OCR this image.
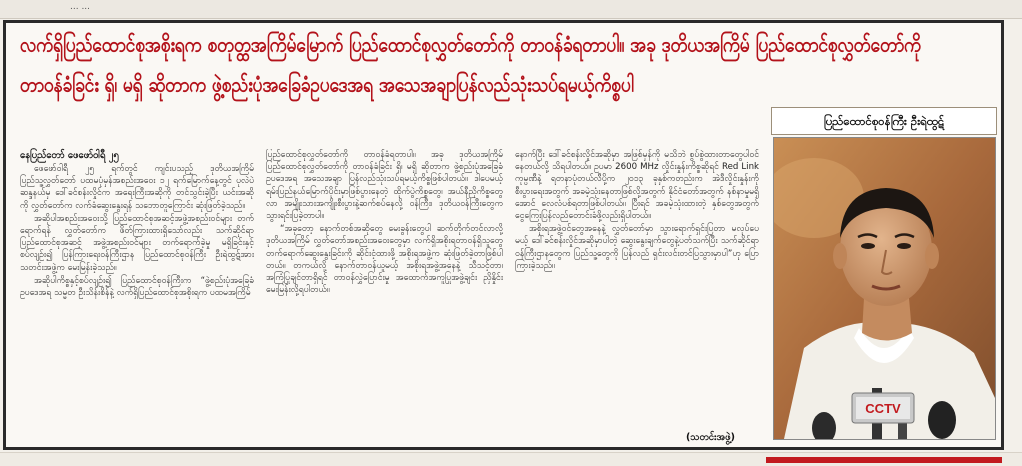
... ...
လက်ရှိပြည်ထောင်စုအစိုးရက စတုတ္ထအကြိမ်မြောက် ပြည်ထောင်စုလွှတ်တော်ကို တာဝန်ခံရတာပါ။ အခု ဒုတိယအကြိမ် ပြည်ထောင်စုလွှတ်တော်ကို
တာဝန်ခံခြင်း ရှိ၊ မရှိ ဆိုတာက ဖွဲ့စည်းပုံအခြေခံဥပဒေအရ အသေအချာပြန်လည်သုံးသပ်ရမယ့်ကိစ္စပါ
နေပြည်တော် ဖေဖော်ဝါရီ ၂၅

ဖေဖော်ဝါရီ ၂၅ ရက်တွင် ကျင်းပသည့် ဒုတိယအကြိမ် ပြည်သူ့လွှတ်တော် ပထမပုံမှန်အစည်းအဝေး ၁၂ ရက်မြောက်နေ့တွင် ပုလဲပဲဆန္ဒနယ်မှ ဒေါ်ခင်စန်းလှိုင်က အရေးကြီးအဆိုကို တင်သွင်းခဲ့ပြီး ယင်းအဆိုကို လွှတ်တော်က လက်ခံဆွေးနွေးရန် သဘောတူကြောင်း ဆုံးဖြတ်ခဲ့သည်။

အဆိုပါအစည်းအဝေးသို့ ပြည်ထောင်စုအဆင့်အဖွဲ့အစည်းဝင်များ တက်ရောက်ရန် လွှတ်တော်က ဖိတ်ကြားထားရှိသော်လည်း သက်ဆိုင်ရာပြည်ထောင်စုအဆင့် အဖွဲ့အစည်းဝင်များ တက်ရောက်ခဲ့မှု မရှိခြင်းနှင့်စပ်လျဉ်း၍ ပြန်ကြားရေးဝန်ကြီးဌာန ပြည်ထောင်စုဝန်ကြီး ဦးရဲထွဋ်အား သတင်းအဖွဲ့က မေးမြန်းခဲ့သည်။

အဆိုပါကိစ္စနှင့်စပ်လျဉ်း၍ ပြည်ထောင်စုဝန်ကြီးက “ဖွဲ့စည်းပုံအခြေခံဥပဒေအရ သမ္မတ ဦးသိန်းစိန်နဲ့ လက်ရှိပြည်ထောင်စုအစိုးရက ပထမအကြိမ်

ပြည်ထောင်စုလွှတ်တော်ကို တာဝန်ခံရတာပါ။ အခု ဒုတိယအကြိမ် ပြည်ထောင်စုလွှတ်တော်ကို တာဝန်ခံခြင်း ရှိ၊ မရှိ ဆိုတာက ဖွဲ့စည်းပုံအခြေခံဥပဒေအရ အသေအချာ ပြန်လည်သုံးသပ်ရမယ့်ကိစ္စဖြစ်ပါတယ်။ ဒါပေမယ့် ရမ်းပြည်နယ်မြောက်ပိုင်းမှာဖြစ်ပွားနေတဲ့ ထိုက်ပွဲကိစ္စတွေ၊ အယ်နီညိုကိစ္စတွေလာ အမျိုးသားအကျိုးစီးပွားနဲ့ဆက်စပ်နေလို့ ဝန်ကြီး၊ ဒုတိယဝန်ကြီးတွေက သွားရင်းပြခဲ့တာပါ။

“အခုတော့ နောက်တစ်အဆိုတွေ မေးခွန်းတွေပါ ဆက်တိုက်တင်လာလို့ ဒုတိယအကြိမ် လွှတ်တော်အစည်းအဝေးတွေမှာ လက်ရှိအစိုးရတာဝန်ရှိသူတွေ တက်ရောက်ဆွေးနွေးခြင်းကို ဆိုင်းငံ့ထားဖို့ အစိုးရအဖွဲ့က ဆုံးဖြတ်ခဲ့တာဖြစ်ပါတယ်။ တကယ်လို့ နောက်တာဝန်ယူမယ့် အစိုးရအဖွဲ့အနေနဲ့ သီသင့်တာ၊ အကြံပြုချင်တာရှိရင် တာဝန်လွှဲပြောင်းမှု အထောက်အကူပြုအဖွဲ့ချင်း ညှိနှိုင်းမေးမြန်းလို့ရပါတယ်။

နောက်ပြီး ဒေါ်ခင်စန်းလှိုင်အဆိုမှာ အဖြစ်မှန်ကို မသိဘဲ စွပ်စွဲထားတာတွေပါဝင်နေတယ်လို့ သိရပါတယ်။ ဥပမာ 2600 MHz လှိုင်းနှုန်းကိစ္စဆိုရင် Red Link ကုမ္ပဏီနဲ့ ရတနာပုံတယ်လီပို့က ၂၀၁၃ ခုနှစ်ကတည်းက အဲဒီလှိုင်းနှုန်းကို စီးပွားရေးအတွက် အခမဲ့သုံးနေတာဖြစ်လို့အတွက် နိုင်ငံတော်အတွက် နစ်နာမှုမရှိအောင် လေလံပစ်ရတာဖြစ်ပါတယ်။ ပြီးရင် အခမဲ့သုံးထားတဲ့ နှစ်တွေအတွက် ငွေကြေးပြန်လည်တောင်းခံဖို့လည်းရှိပါတယ်။

အစိုးရအဖွဲ့ဝင်တွေအနေနဲ့ လွှတ်တော်မှာ သွားရောက်ရှင်းပြတာ မလုပ်ပေမယ့် ဒေါ်ခင်စန်းလှိုင်အဆိုမှာပါတဲ့ ဆွေးနွေးချက်တွေနဲ့ပတ်သက်ပြီး သက်ဆိုင်ရာဝန်ကြီးဌာနတွေက ပြည်သူ့တွေကို ပြန်လည် ရှင်းလင်းတင်ပြသွားမှာပါ”ဟု ပြောကြားခဲ့သည်။

(သတင်းအဖွဲ့)
ပြည်ထောင်စုဝန်ကြီး ဦးရဲထွဋ်
CCTV
